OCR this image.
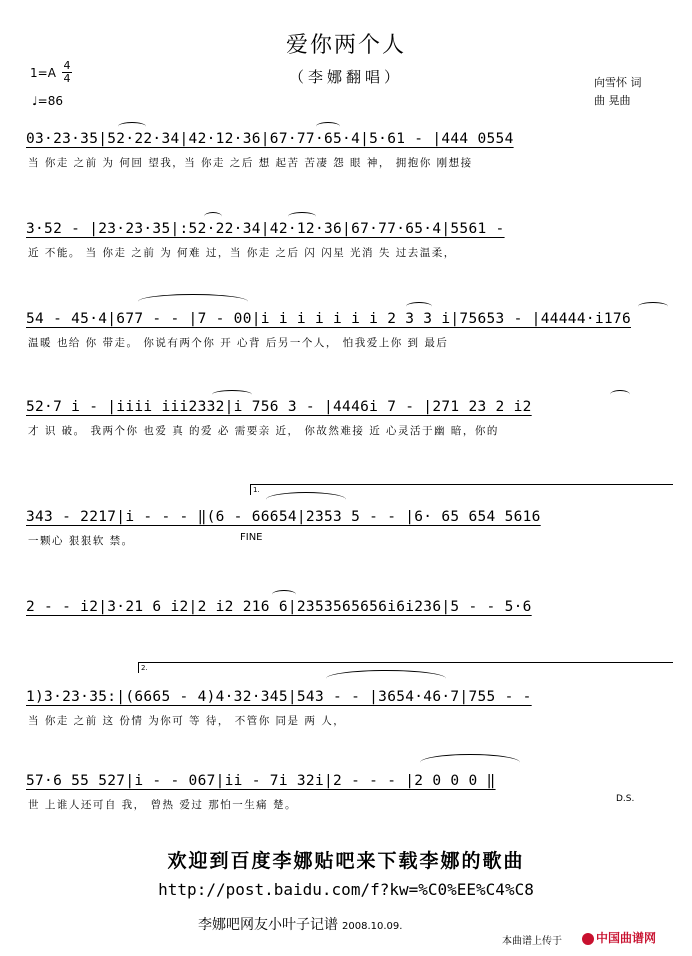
爱你两个人
（李娜翻唱）
1=A
4
4
♩=86
向雪怀 词
曲 晃曲
03·23·35|52·22·34|42·12·36|67·77·65·4|5·61 - |444 0554
当 你走 之前 为 何回 望我，当 你走 之后 想 起苦 苦凄 怨 眼 神， 拥抱你 刚想接
3·52 - |23·23·35|:52·22·34|42·12·36|67·77·65·4|5561 -
近 不能。 当 你走 之前 为 何难 过，当 你走 之后 闪 闪星 光消 失 过去温柔，
54 - 45·4|677 - - |7 - 00|i i i i i i i 2 3 3 i|75653 - |44444·i176
温暖 也给 你 带走。 你说有两个你 开 心背 后另一个人， 怕我爱上你 到 最后
52·7 i - |iiii iii2332|i 756 3 - |4446i 7 - |271 23 2 i2
才 识 破。 我两个你 也爱 真 的爱 必 需要亲 近， 你故然难接 近 心灵活于幽 暗，你的
1.
343 - 2217|i - - - ‖(6 - 66654|2353 5 - - |6· 65 654 5616
一颗心 狠狠软 禁。	FINE
2 - - i2|3·21 6 i2|2 i2 216 6|2353565656i6i236|5 - - 5·6
2.
1)3·23·35:|(6665 - 4)4·32·345|543 - - |3654·46·7|755 - -
当 你走 之前 这 份情 为你可 等 待， 不管你 同是 两 人，
57·6 55 527|i - - 067|ii - 7i 32i|2 - - - |2 0 0 0 ‖
世 上谁人还可自 我， 曾热 爱过 那怕一生痛 楚。	D.S.
欢迎到百度李娜贴吧来下载李娜的歌曲
http://post.baidu.com/f?kw=%C0%EE%C4%C8
李娜吧网友小叶子记谱 2008.10.09.
本曲谱上传于	中国曲谱网
